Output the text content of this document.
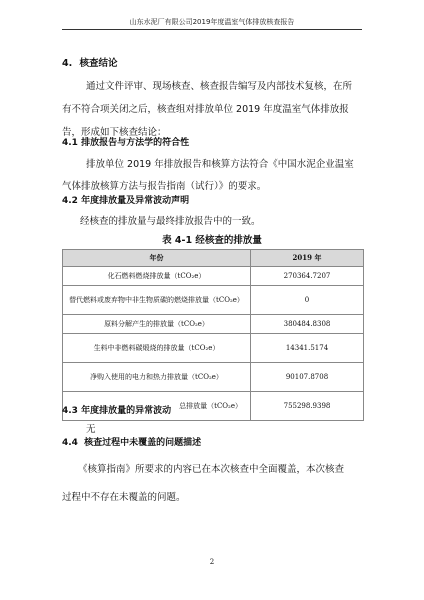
山东水泥厂有限公司2019年度温室气体排放核查报告
4. 核查结论
通过文件评审、现场核查、核查报告编写及内部技术复核，在所
有不符合项关闭之后，核查组对排放单位 2019 年度温室气体排放报
告，形成如下核查结论：
4.1 排放报告与方法学的符合性
排放单位 2019 年排放报告和核算方法符合《中国水泥企业温室
气体排放核算方法与报告指南（试行）》的要求。
4.2 年度排放量及异常波动声明
经核查的排放量与最终排放报告中的一致。
表 4-1 经核查的排放量
年份	2019 年
化石燃料燃烧排放量（tCO₂e）	270364.7207
替代燃料或废弃物中非生物质碳的燃烧排放量（tCO₂e）	0
原料分解产生的排放量（tCO₂e）	380484.8308
生料中非燃料碳煅烧的排放量（tCO₂e）	14341.5174
净购入使用的电力和热力排放量（tCO₂e）	90107.8708
总排放量（tCO₂e）	755298.9398
4.3 年度排放量的异常波动
无
4.4 核查过程中未覆盖的问题描述
《核算指南》所要求的内容已在本次核查中全面覆盖，本次核查
过程中不存在未覆盖的问题。
2
